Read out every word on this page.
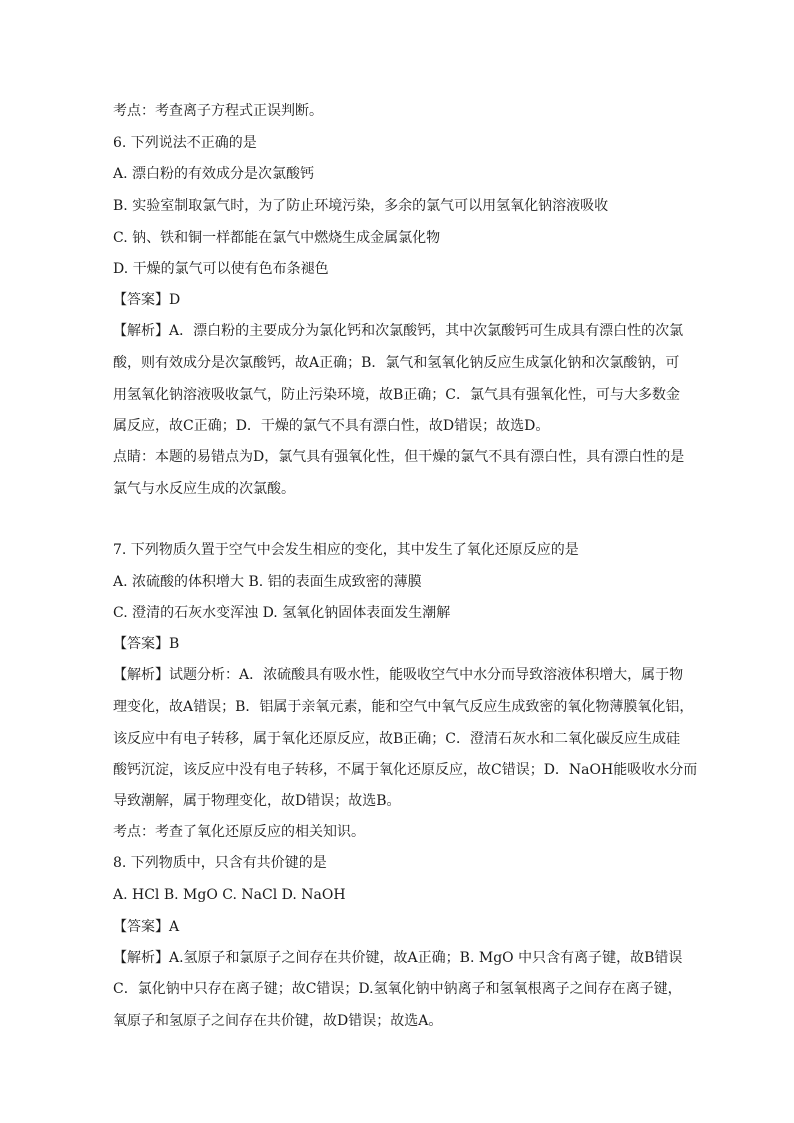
考点：考查离子方程式正误判断。
6. 下列说法不正确的是
A. 漂白粉的有效成分是次氯酸钙
B. 实验室制取氯气时，为了防止环境污染，多余的氯气可以用氢氧化钠溶液吸收
C. 钠、铁和铜一样都能在氯气中燃烧生成金属氯化物
D. 干燥的氯气可以使有色布条褪色
【答案】D
【解析】A．漂白粉的主要成分为氯化钙和次氯酸钙，其中次氯酸钙可生成具有漂白性的次氯
酸，则有效成分是次氯酸钙，故A正确；B．氯气和氢氧化钠反应生成氯化钠和次氯酸钠，可
用氢氧化钠溶液吸收氯气，防止污染环境，故B正确；C．氯气具有强氧化性，可与大多数金
属反应，故C正确；D．干燥的氯气不具有漂白性，故D错误；故选D。
点睛：本题的易错点为D，氯气具有强氧化性，但干燥的氯气不具有漂白性，具有漂白性的是
氯气与水反应生成的次氯酸。
7. 下列物质久置于空气中会发生相应的变化，其中发生了氧化还原反应的是
A. 浓硫酸的体积增大 B. 铝的表面生成致密的薄膜
C. 澄清的石灰水变浑浊 D. 氢氧化钠固体表面发生潮解
【答案】B
【解析】试题分析：A．浓硫酸具有吸水性，能吸收空气中水分而导致溶液体积增大，属于物
理变化，故A错误；B．铝属于亲氧元素，能和空气中氧气反应生成致密的氧化物薄膜氧化铝，
该反应中有电子转移，属于氧化还原反应，故B正确；C．澄清石灰水和二氧化碳反应生成硅
酸钙沉淀，该反应中没有电子转移，不属于氧化还原反应，故C错误；D．NaOH能吸收水分而
导致潮解，属于物理变化，故D错误；故选B。
考点：考查了氧化还原反应的相关知识。
8. 下列物质中，只含有共价键的是
A. HCl B. MgO C. NaCl D. NaOH
【答案】A
【解析】A.氢原子和氯原子之间存在共价键，故A正确；B. MgO 中只含有离子键，故B错误
C．氯化钠中只存在离子键；故C错误；D.氢氧化钠中钠离子和氢氧根离子之间存在离子键，
氧原子和氢原子之间存在共价键，故D错误；故选A。
